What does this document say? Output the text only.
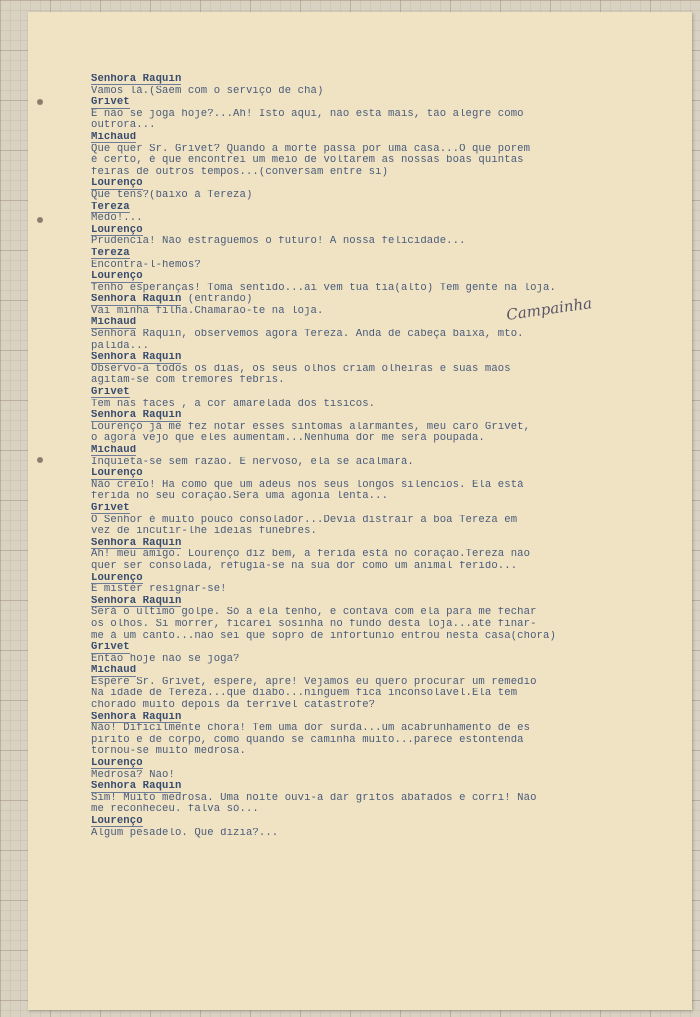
Campainha
Senhora Raquin
Vamos lá.(Saem com o serviço de chá)
Grivet
E não se joga hoje?...Ah! Isto aqui, não esta mais, tão alegre como
outrora...
Michaud
Que quer Sr. Grivet? Quando a morte passa por uma casa...O que porem
é certo, é que encontrei um meio de voltarem as nossas boas quintas
feiras de outros tempos...(conversam entre si)
Lourenço
Que tens?(baixo á Tereza)
Tereza
Medo!...
Lourenço
Prudencia! Não estraguemos o futuro! A nossa felicidade...
Tereza
Encontra-l-hemos?
Lourenço
Tenho esperanças! Toma sentido...ai vem tua tia(alto) Tem gente na loja.
Senhora Raquin (entrando)
Vai minha filha.Chamarão-te na loja.
Michaud
Senhora Raquin, observemos agora Tereza. Anda de cabeça baixa, mto.
palida...
Senhora Raquin
Observo-a todos os dias, os seus olhos criam olheiras e suas mãos
agitam-se com tremores febris.
Grivet
Tem nas faces , a cor amarelada dos tisicos.
Senhora Raquin
Lourenço já me fez notar esses sintomas alarmantes, meu caro Grivet,
o agora vejo que eles aumentam...Nenhuma dor me será poupada.
Michaud
Inquieta-se sem razão. É nervoso, ela se acalmará.
Lourenço
Não creio! Ha como que um adeus nos seus longos silencios. Ela está
ferida no seu coração.Sera uma agonia lenta...
Grivet
O Senhor é muito pouco consolador...Devia distrair a boa Tereza em
vez de incutir-lhe ideias funebres.
Senhora Raquin
Ah! meu amigo. Lourenço diz bem, a ferida está no coração.Tereza não
quer ser consolada, refugia-se na sua dor como um animal ferido...
Lourenço
É mister resignar-se!
Senhora Raquin
Será o ultimo golpe. Só a ela tenho, e contava com ela para me fechar
os olhos. Si morrer, ficarei sosinha no fundo desta loja...até finar-
me á um canto...não sei que sopro de infortunio entrou nesta casa(chora)
Grivet
Então hoje não se joga?
Michaud
Espere Sr. Grivet, espere, apre! Vejamos eu quero procurar um remedio
Na idade de Tereza...que diabo...ninguem fica inconsolavel.Ela tem
chorado muito depois da terrivel catastrofe?
Senhora Raquin
Não! Dificilmente chora! Tem uma dor surda...um acabrunhamento de es
pirito e de corpo, como quando se caminha muito...parece estontenda
tornou-se muito medrosa.
Lourenço
Medrosa? Não!
Senhora Raquin
Sim! Muito medrosa. Uma noite ouvi-a dar gritos abafados e corri! Não
me reconheceu. falva só...
Lourenço
Algum pesadelo. Que dizia?...
